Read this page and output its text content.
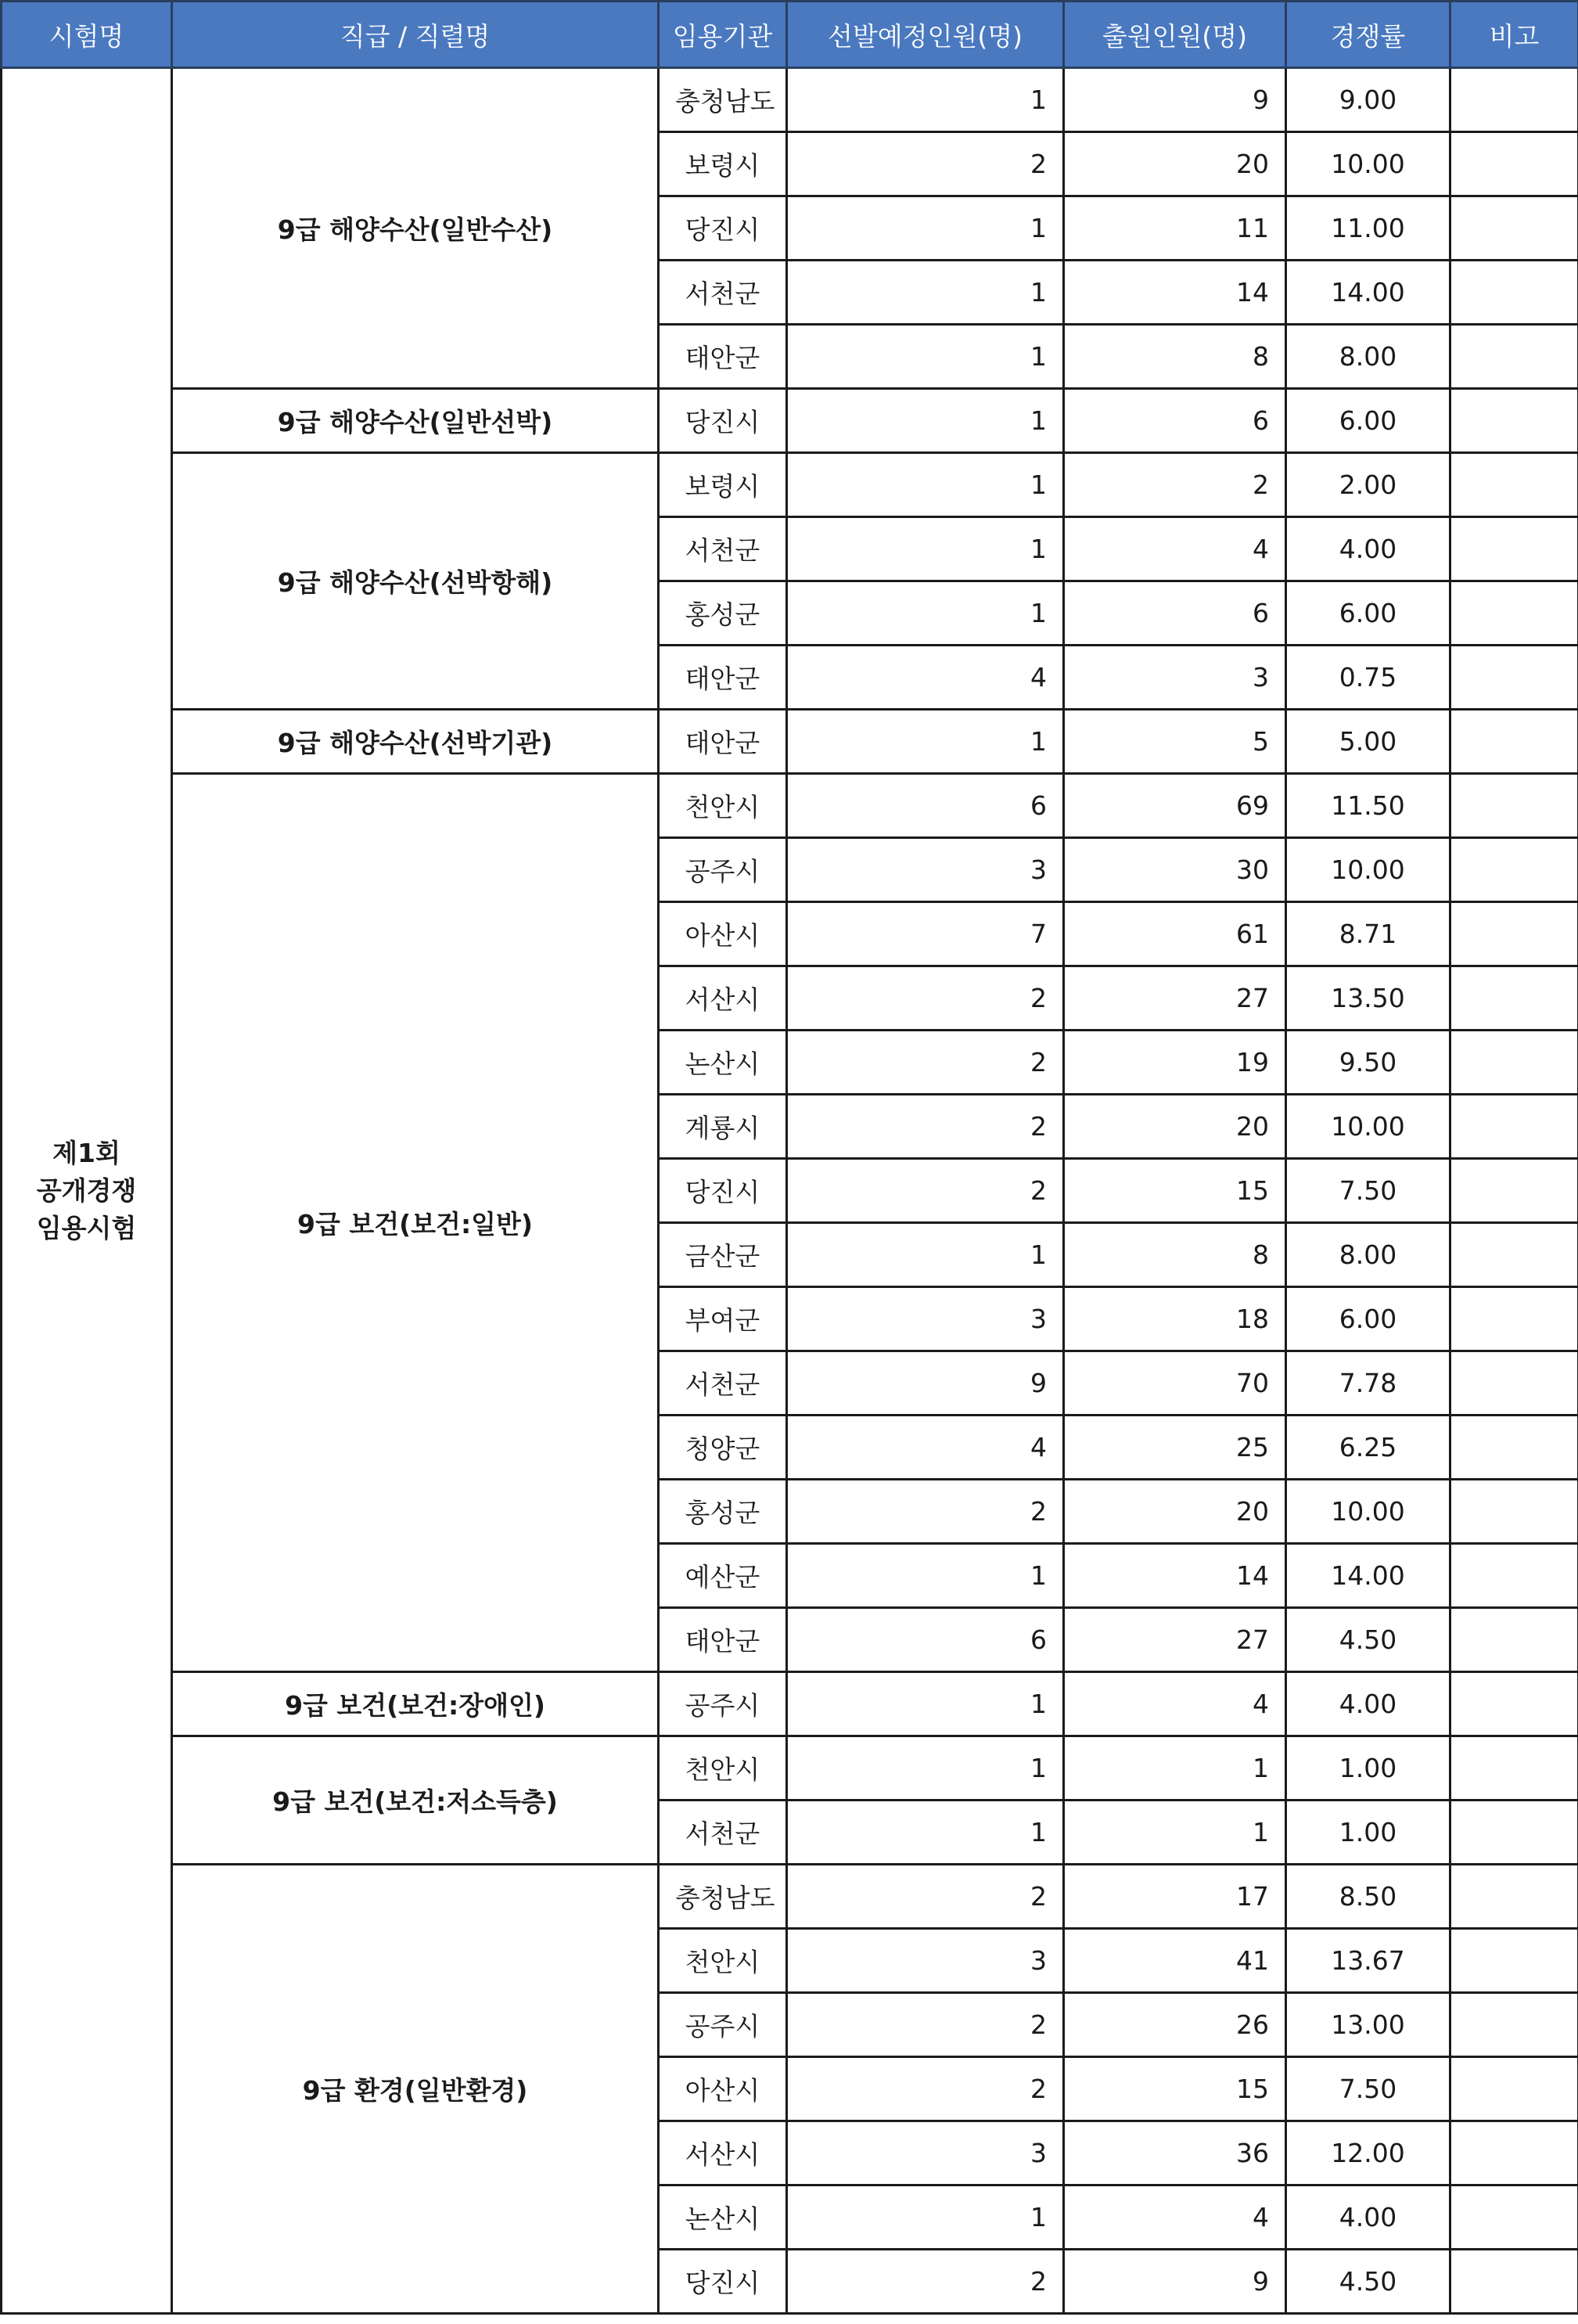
시험명	직급 / 직렬명	임용기관	선발예정인원(명)	출원인원(명)	경쟁률	비고
제1회
공개경쟁
임용시험	9급 해양수산(일반수산)	충청남도	1	9	9.00	
		보령시	2	20	10.00	
		당진시	1	11	11.00	
		서천군	1	14	14.00	
		태안군	1	8	8.00	
	9급 해양수산(일반선박)	당진시	1	6	6.00	
	9급 해양수산(선박항해)	보령시	1	2	2.00	
		서천군	1	4	4.00	
		홍성군	1	6	6.00	
		태안군	4	3	0.75	
	9급 해양수산(선박기관)	태안군	1	5	5.00	
	9급 보건(보건:일반)	천안시	6	69	11.50	
		공주시	3	30	10.00	
		아산시	7	61	8.71	
		서산시	2	27	13.50	
		논산시	2	19	9.50	
		계룡시	2	20	10.00	
		당진시	2	15	7.50	
		금산군	1	8	8.00	
		부여군	3	18	6.00	
		서천군	9	70	7.78	
		청양군	4	25	6.25	
		홍성군	2	20	10.00	
		예산군	1	14	14.00	
		태안군	6	27	4.50	
	9급 보건(보건:장애인)	공주시	1	4	4.00	
	9급 보건(보건:저소득층)	천안시	1	1	1.00	
		서천군	1	1	1.00	
	9급 환경(일반환경)	충청남도	2	17	8.50	
		천안시	3	41	13.67	
		공주시	2	26	13.00	
		아산시	2	15	7.50	
		서산시	3	36	12.00	
		논산시	1	4	4.00	
		당진시	2	9	4.50	
